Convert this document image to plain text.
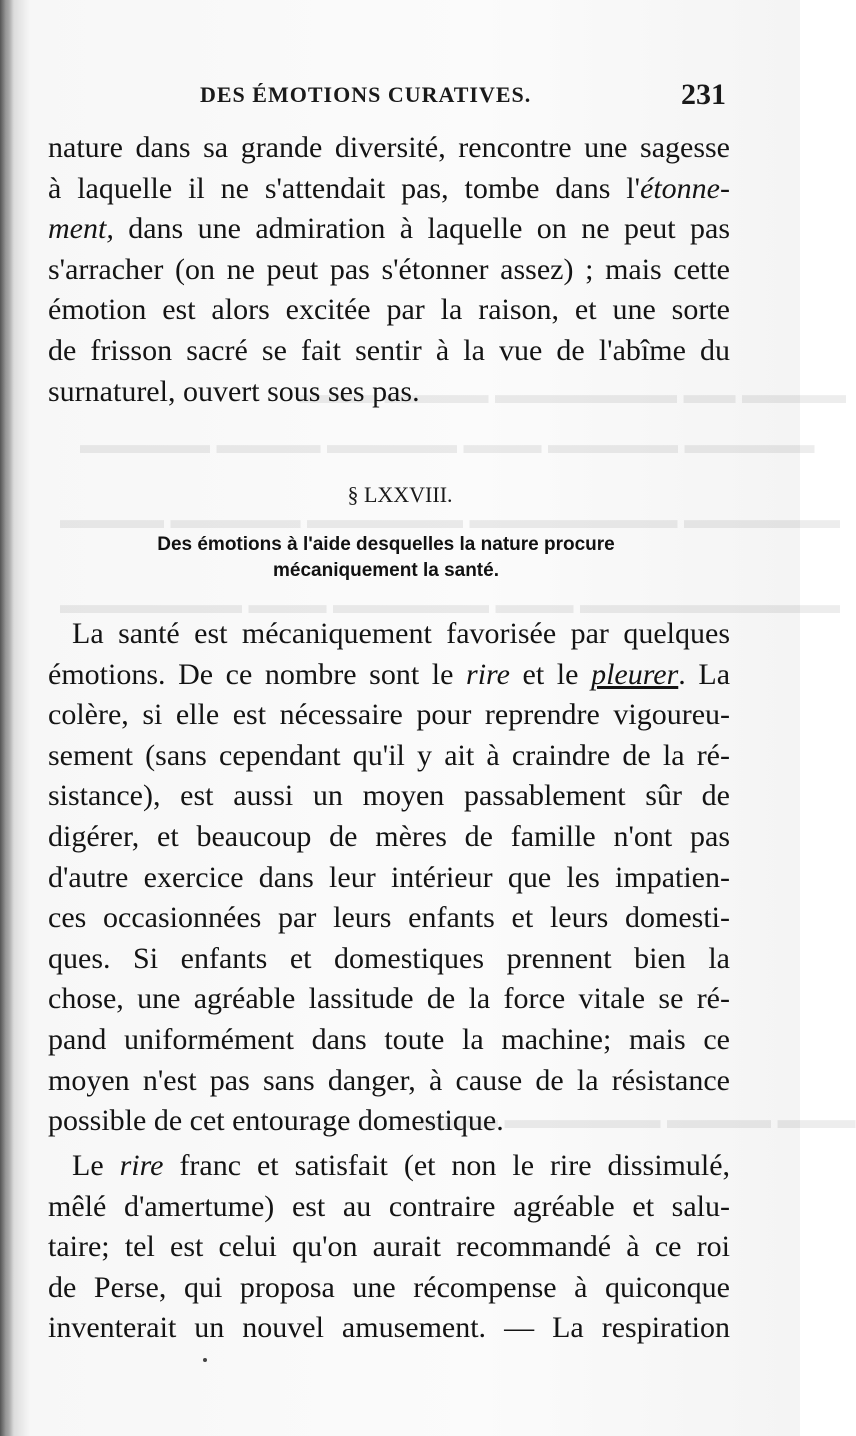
▬▬▬▬ ▬▬ ▬▬▬▬▬▬▬ ▬▬▬▬ ▬▬▬
▬▬▬▬▬ ▬▬▬▬▬ ▬▬▬ ▬▬▬▬▬ ▬▬▬▬ ▬▬▬▬▬
▬▬▬▬▬▬ ▬▬▬▬▬▬▬▬ ▬▬▬▬▬▬ ▬▬▬▬▬ ▬▬▬▬
▬▬▬▬▬▬▬▬▬▬ ▬▬▬ ▬▬▬▬▬▬ ▬▬▬ ▬▬▬▬▬▬▬
▬▬▬ ▬▬▬▬ ▬▬▬▬▬▬ ▬▬▬
DES ÉMOTIONS CURATIVES.	231
nature dans sa grande diversité, rencontre une sagesse
à laquelle il ne s'attendait pas, tombe dans l'étonne-
ment, dans une admiration à laquelle on ne peut pas
s'arracher (on ne peut pas s'étonner assez) ; mais cette
émotion est alors excitée par la raison, et une sorte
de frisson sacré se fait sentir à la vue de l'abîme du
surnaturel, ouvert sous ses pas.
§ LXXVIII.
Des émotions à l'aide desquelles la nature procure
mécaniquement la santé.
La santé est mécaniquement favorisée par quelques
émotions. De ce nombre sont le rire et le pleurer. La
colère, si elle est nécessaire pour reprendre vigoureu-
sement (sans cependant qu'il y ait à craindre de la ré-
sistance), est aussi un moyen passablement sûr de
digérer, et beaucoup de mères de famille n'ont pas
d'autre exercice dans leur intérieur que les impatien-
ces occasionnées par leurs enfants et leurs domesti-
ques. Si enfants et domestiques prennent bien la
chose, une agréable lassitude de la force vitale se ré-
pand uniformément dans toute la machine; mais ce
moyen n'est pas sans danger, à cause de la résistance
possible de cet entourage domestique.
Le rire franc et satisfait (et non le rire dissimulé,
mêlé d'amertume) est au contraire agréable et salu-
taire; tel est celui qu'on aurait recommandé à ce roi
de Perse, qui proposa une récompense à quiconque
inventerait un nouvel amusement. — La respiration
